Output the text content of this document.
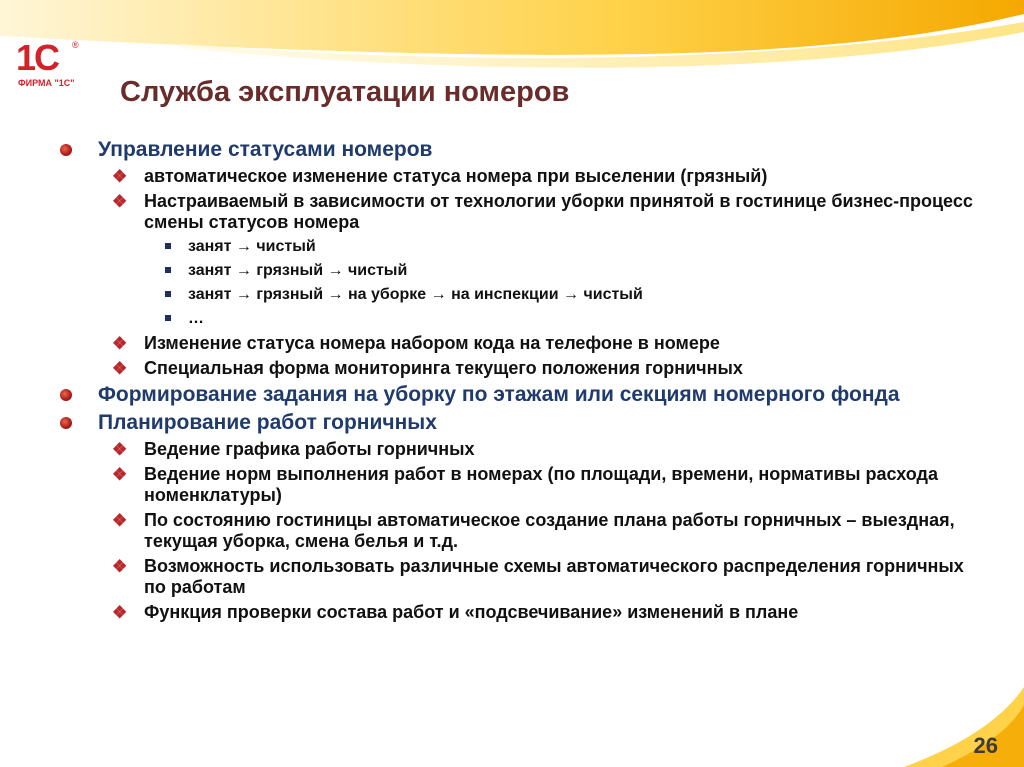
1С ®
ФИРМА "1С" Служба эксплуатации номеров
Управление статусами номеров
❖ автоматическое изменение статуса номера при выселении (грязный)
❖ Настраиваемый в зависимости от технологии уборки принятой в гостинице бизнес-процесс смены статусов номера
занят → чистый
занят → грязный → чистый
занят → грязный → на уборке → на инспекции → чистый
…
❖ Изменение статуса номера набором кода на телефоне в номере
❖ Специальная форма мониторинга текущего положения горничных
Формирование задания на уборку по этажам или секциям номерного фонда
Планирование работ горничных
❖ Ведение графика работы горничных
❖ Ведение норм выполнения работ в номерах (по площади, времени, нормативы расхода номенклатуры)
❖ По состоянию гостиницы автоматическое создание плана работы горничных – выездная, текущая уборка, смена белья и т.д.
❖ Возможность использовать различные схемы автоматического распределения горничных по работам
❖ Функция проверки состава работ и «подсвечивание» изменений в плане
26
